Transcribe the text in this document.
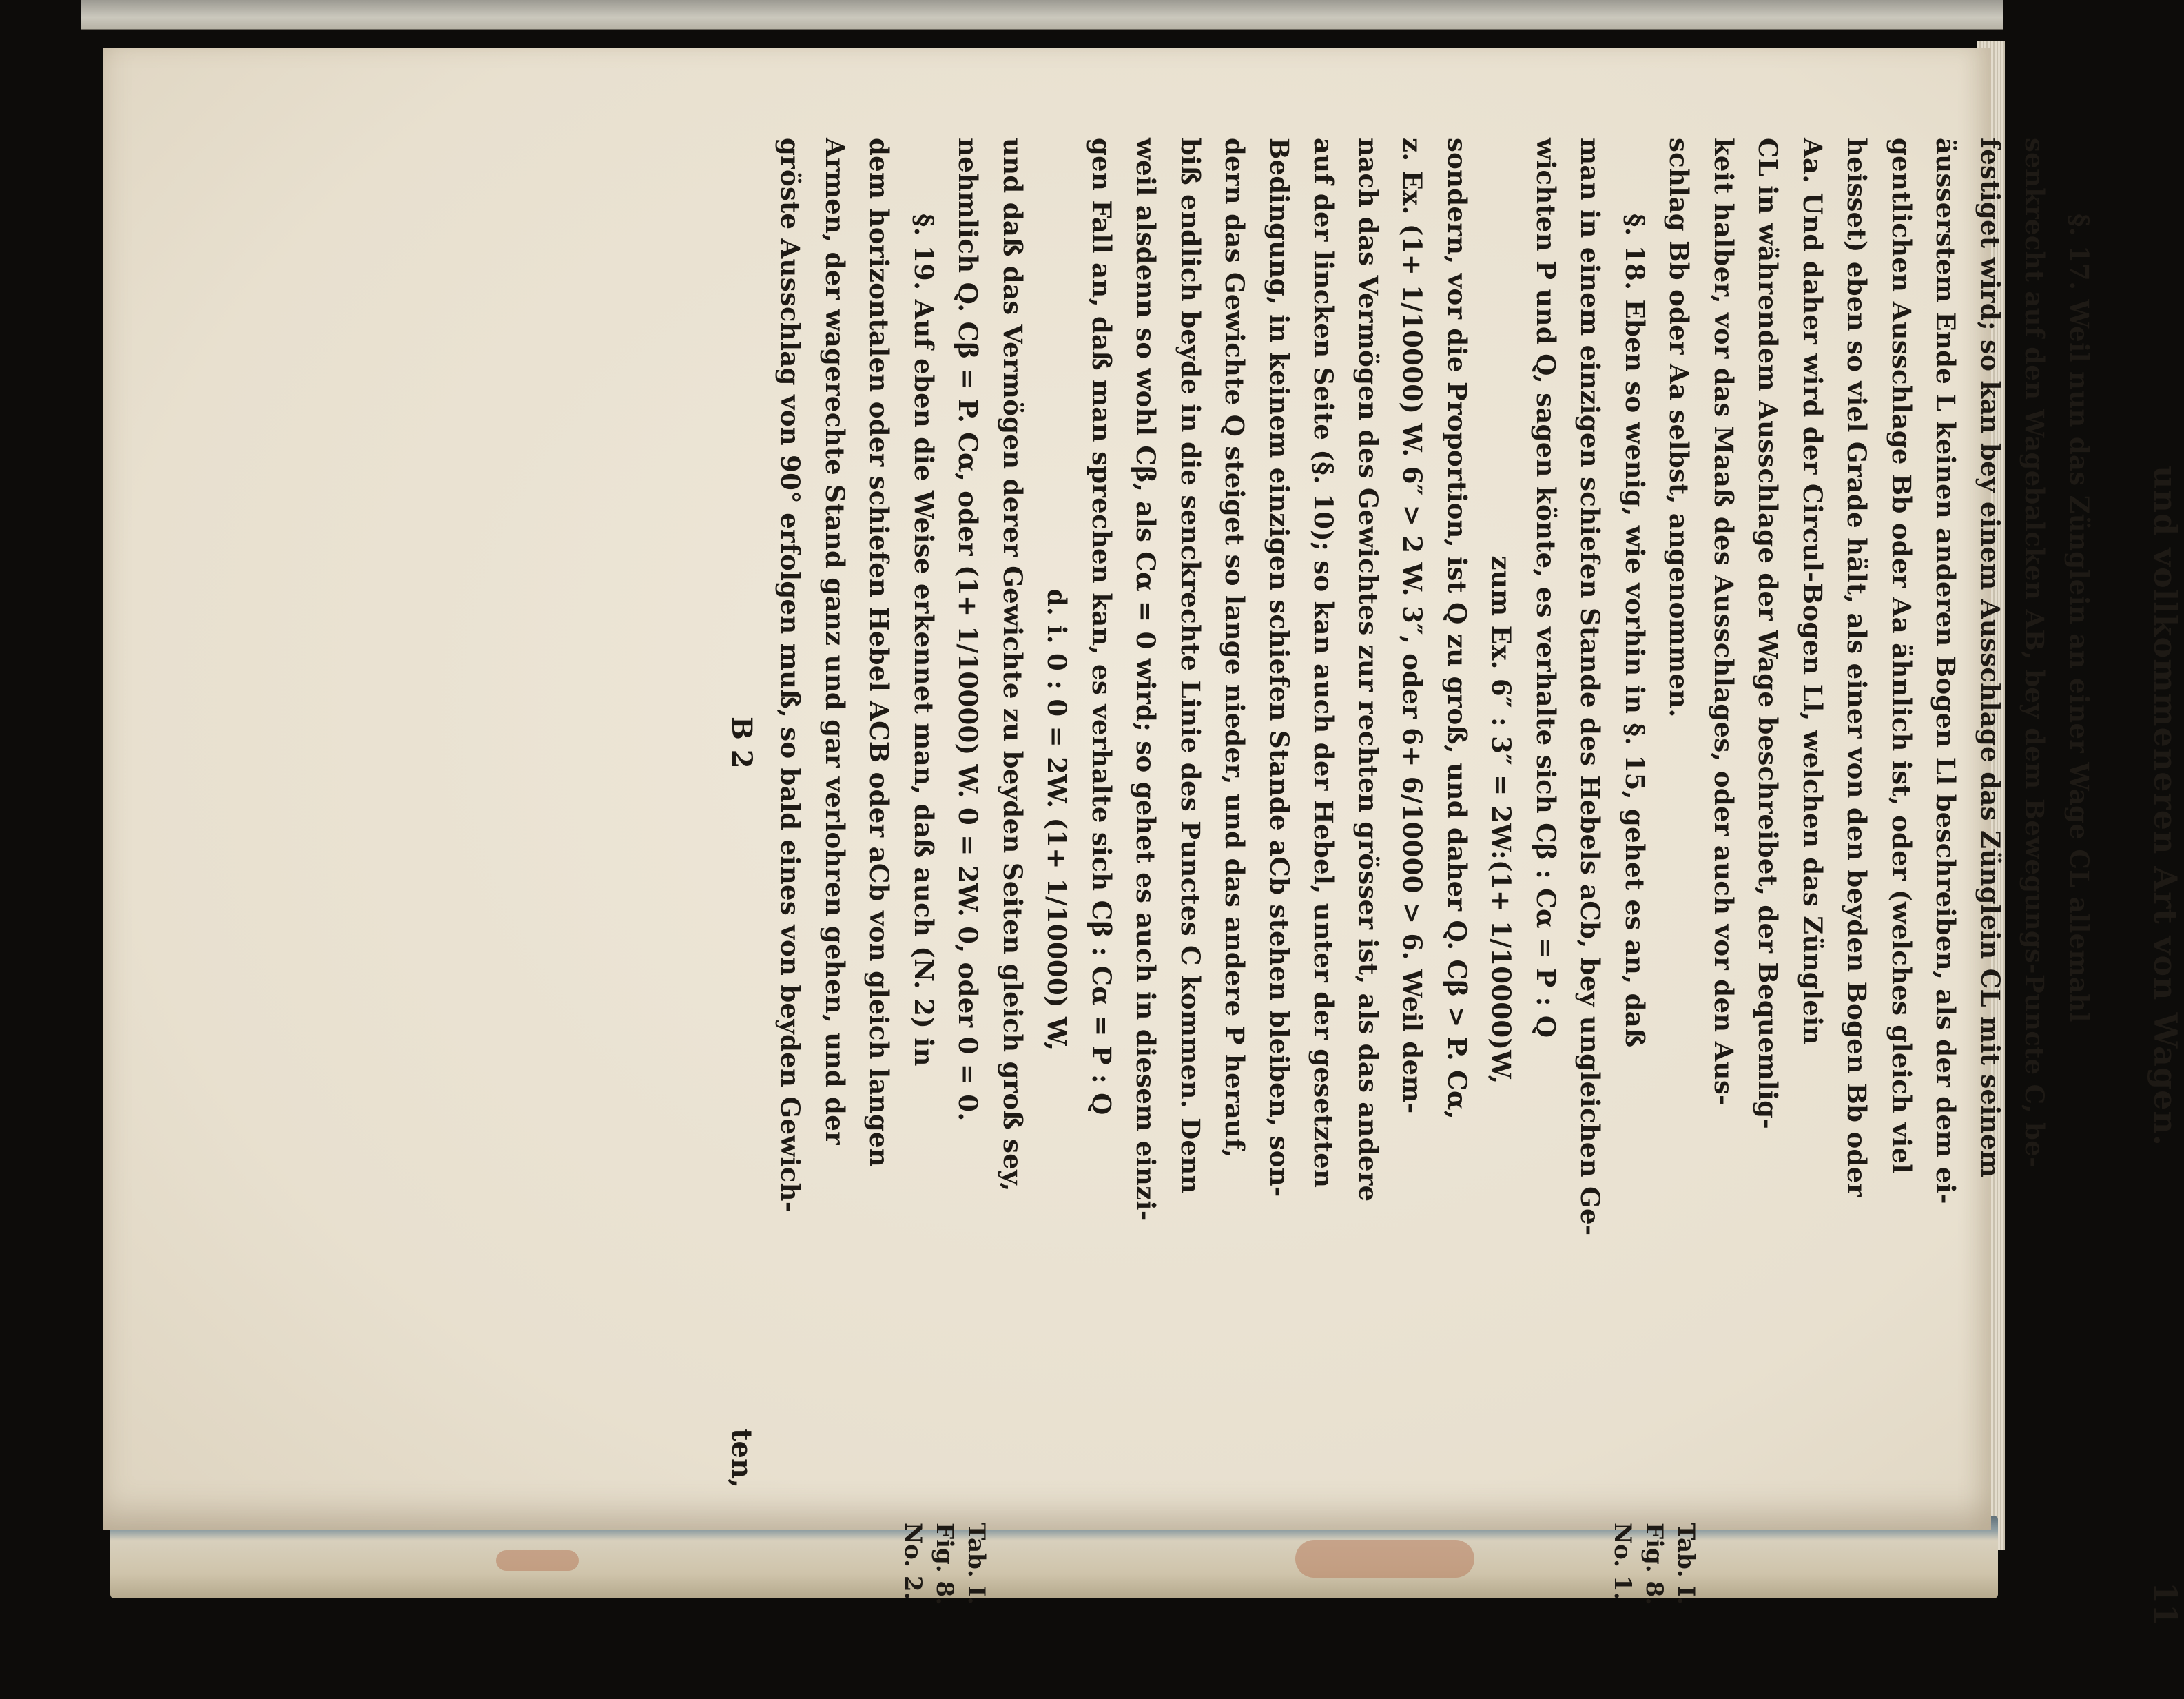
und vollkommeneren Art von Wagen.
11
§. 17. Weil nun das Zünglein an einer Wage CL allemahl
senkrecht auf den Wagebalcken AB, bey dem Bewegungs-Puncte C, be-
festiget wird; so kan bey einem Ausschlage das Zünglein CL mit seinem
äusserstem Ende L keinen anderen Bogen Ll beschreiben, als der dem ei-
gentlichen Ausschlage Bb oder Aa ähnlich ist, oder (welches gleich viel
heisset) eben so viel Grade hält, als einer von den beyden Bogen Bb oder
Aa. Und daher wird der Circul-Bogen Ll, welchen das Zünglein
CL in währendem Ausschlage der Wage beschreibet, der Bequemlig-
keit halber, vor das Maaß des Ausschlages, oder auch vor den Aus-
schlag Bb oder Aa selbst, angenommen.
§. 18. Eben so wenig, wie vorhin in §. 15, gehet es an, daß
man in einem einzigen schiefen Stande des Hebels aCb, bey ungleichen Ge-
wichten P und Q, sagen könte, es verhalte sich Cβ : Cα = P : Q
zum Ex. 6″ : 3″ = 2W:(1+ 1/10000)W,
sondern, vor die Proportion, ist Q zu groß, und daher Q. Cβ > P. Cα,
z. Ex. (1+ 1/10000) W. 6″ > 2 W. 3″, oder 6+ 6/10000 > 6. Weil dem-
nach das Vermögen des Gewichtes zur rechten grösser ist, als das andere
auf der lincken Seite (§. 10); so kan auch der Hebel, unter der gesetzten
Bedingung, in keinem einzigen schiefen Stande aCb stehen bleiben, son-
dern das Gewichte Q steiget so lange nieder, und das andere P herauf,
biß endlich beyde in die senckrechte Linie des Punctes C kommen. Denn
weil alsdenn so wohl Cβ, als Cα = 0 wird; so gehet es auch in diesem einzi-
gen Fall an, daß man sprechen kan, es verhalte sich Cβ : Cα = P : Q
d. i. 0 : 0 = 2W. (1+ 1/10000) W,
und daß das Vermögen derer Gewichte zu beyden Seiten gleich groß sey,
nehmlich Q. Cβ = P. Cα, oder (1+ 1/10000) W. 0 = 2W. 0, oder 0 = 0.
§. 19. Auf eben die Weise erkennet man, daß auch (N. 2) in
dem horizontalen oder schiefen Hebel ACB oder aCb von gleich langen
Armen, der wagerechte Stand ganz und gar verlohren gehen, und der
gröste Ausschlag von 90° erfolgen muß, so bald eines von beyden Gewich-
Tab. I. Fig. 8. No. 1.
Tab. I. Fig. 8. No. 2.
B 2
ten,
